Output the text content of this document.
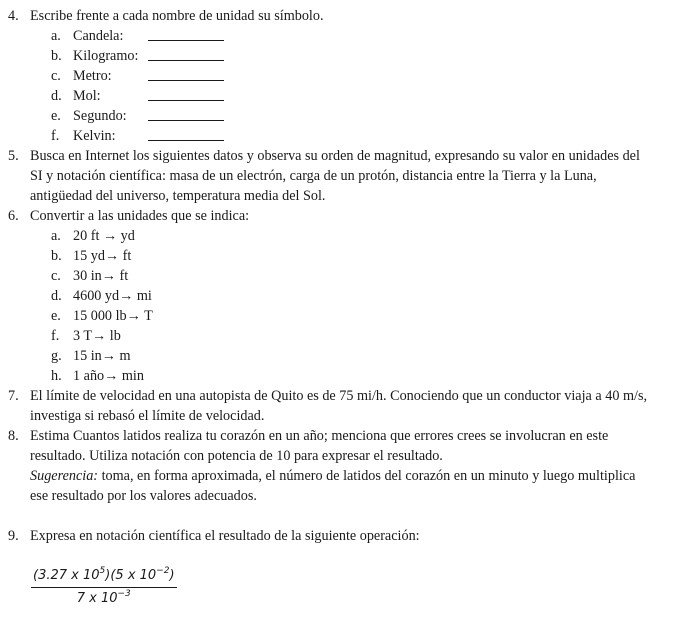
4. Escribe frente a cada nombre de unidad su símbolo.
a. Candela:
b. Kilogramo:
c. Metro:
d. Mol:
e. Segundo:
f. Kelvin:
5. Busca en Internet los siguientes datos y observa su orden de magnitud, expresando su valor en unidades del
SI y notación científica: masa de un electrón, carga de un protón, distancia entre la Tierra y la Luna,
antigüedad del universo, temperatura media del Sol.
6. Convertir a las unidades que se indica:
a. 20 ft → yd
b. 15 yd→ ft
c. 30 in→ ft
d. 4600 yd→ mi
e. 15 000 lb→ T
f. 3 T→ lb
g. 15 in→ m
h. 1 año→ min
7. El límite de velocidad en una autopista de Quito es de 75 mi/h. Conociendo que un conductor viaja a 40 m/s,
investiga si rebasó el límite de velocidad.
8. Estima Cuantos latidos realiza tu corazón en un año; menciona que errores crees se involucran en este
resultado. Utiliza notación con potencia de 10 para expresar el resultado.
Sugerencia: toma, en forma aproximada, el número de latidos del corazón en un minuto y luego multiplica
ese resultado por los valores adecuados.
9. Expresa en notación científica el resultado de la siguiente operación:
$\frac{(3.27 x 10^5)(5 x 10^{-2})}{7 x 10^{-3}}$
